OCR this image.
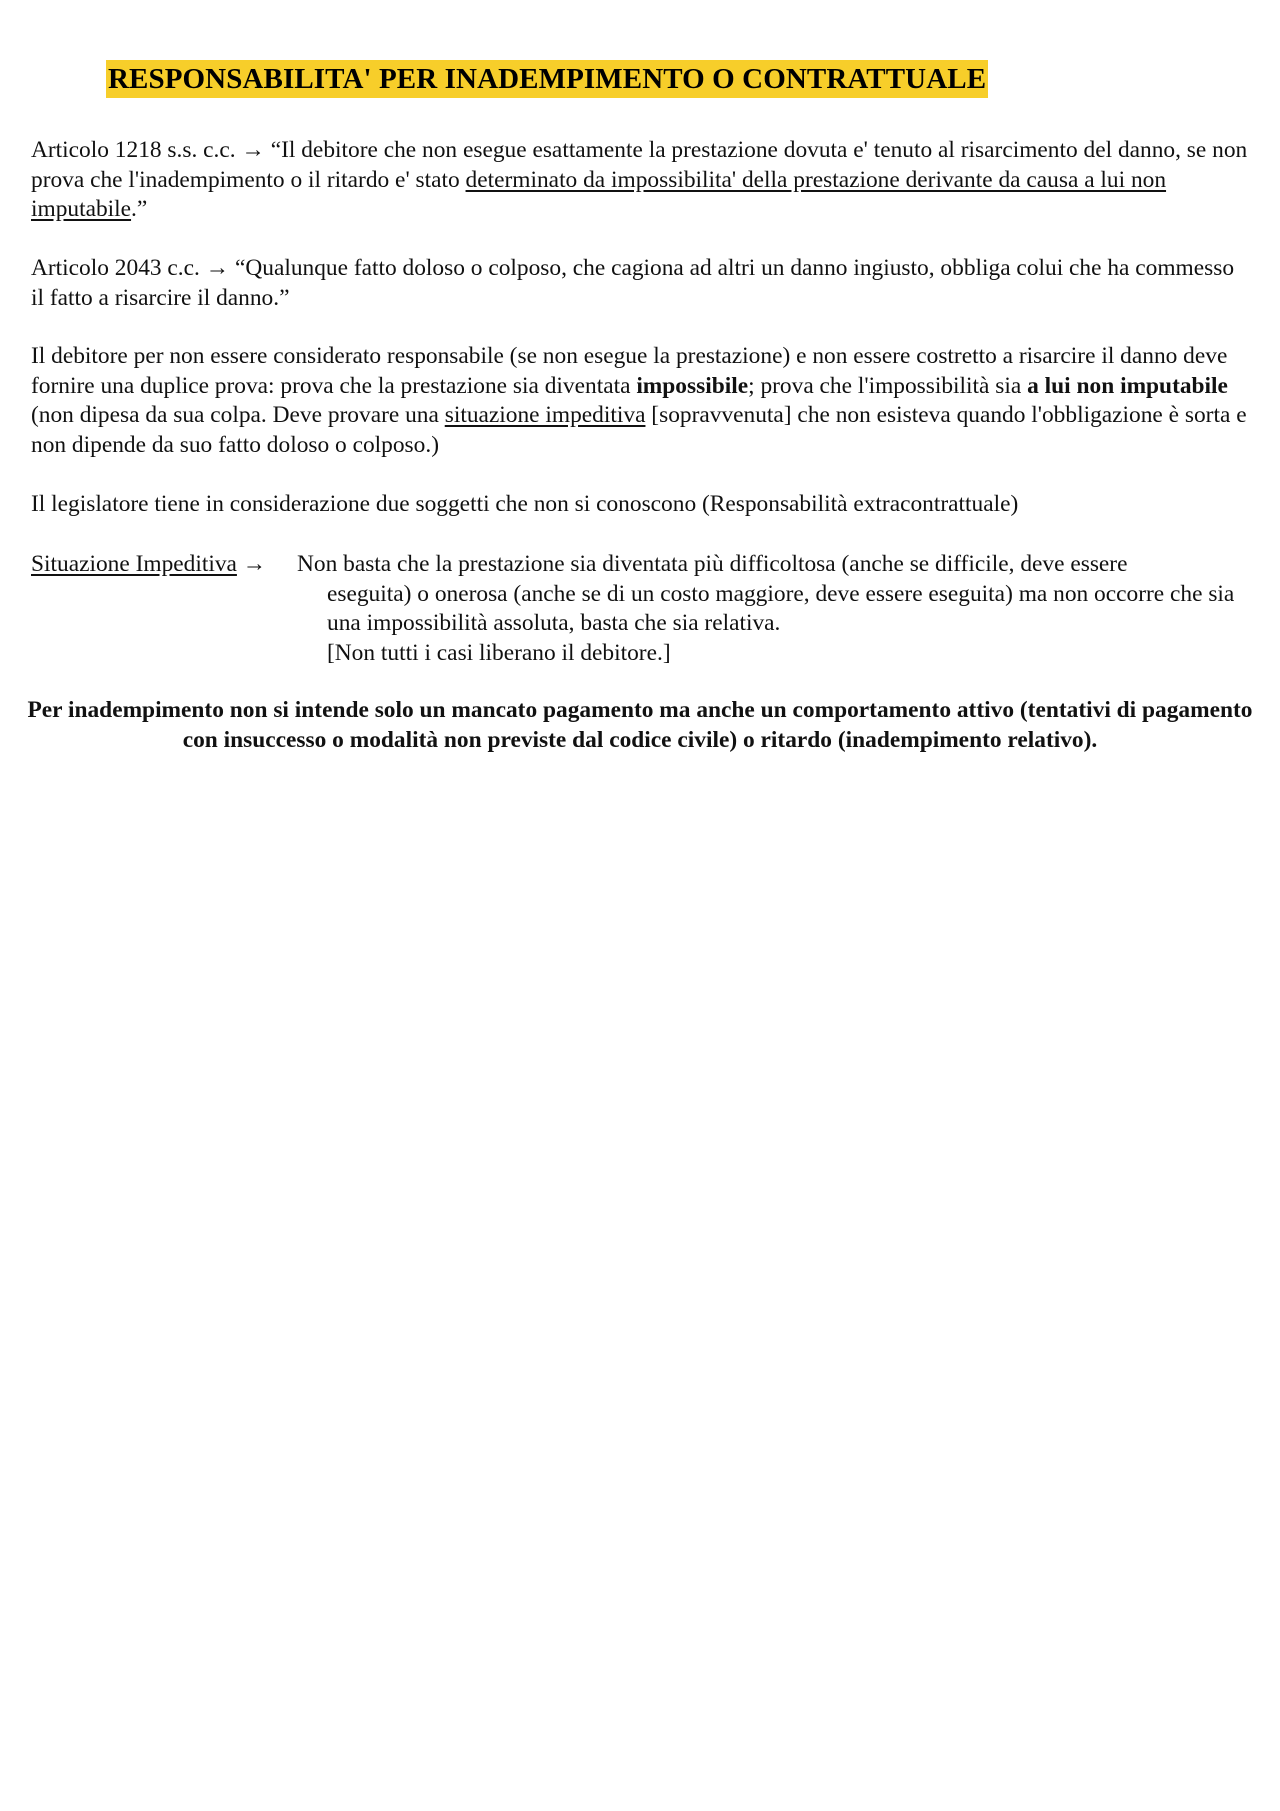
RESPONSABILITA' PER INADEMPIMENTO O CONTRATTUALE
Articolo 1218 s.s. c.c. → “Il debitore che non esegue esattamente la prestazione dovuta e' tenuto al risarcimento del danno, se non prova che l'inadempimento o il ritardo e' stato determinato da impossibilita' della prestazione derivante da causa a lui non imputabile.”
Articolo 2043 c.c. → “Qualunque fatto doloso o colposo, che cagiona ad altri un danno ingiusto, obbliga colui che ha commesso il fatto a risarcire il danno.”
Il debitore per non essere considerato responsabile (se non esegue la prestazione) e non essere costretto a risarcire il danno deve fornire una duplice prova: prova che la prestazione sia diventata impossibile; prova che l'impossibilità sia a lui non imputabile (non dipesa da sua colpa. Deve provare una situazione impeditiva [sopravvenuta] che non esisteva quando l'obbligazione è sorta e non dipende da suo fatto doloso o colposo.)
Il legislatore tiene in considerazione due soggetti che non si conoscono (Responsabilità extracontrattuale)
Situazione Impeditiva → Non basta che la prestazione sia diventata più difficoltosa (anche se difficile, deve essere
eseguita) o onerosa (anche se di un costo maggiore, deve essere eseguita) ma non occorre che sia una impossibilità assoluta, basta che sia relativa.
[Non tutti i casi liberano il debitore.]
Per inadempimento non si intende solo un mancato pagamento ma anche un comportamento attivo (tentativi di pagamento con insuccesso o modalità non previste dal codice civile) o ritardo (inadempimento relativo).
